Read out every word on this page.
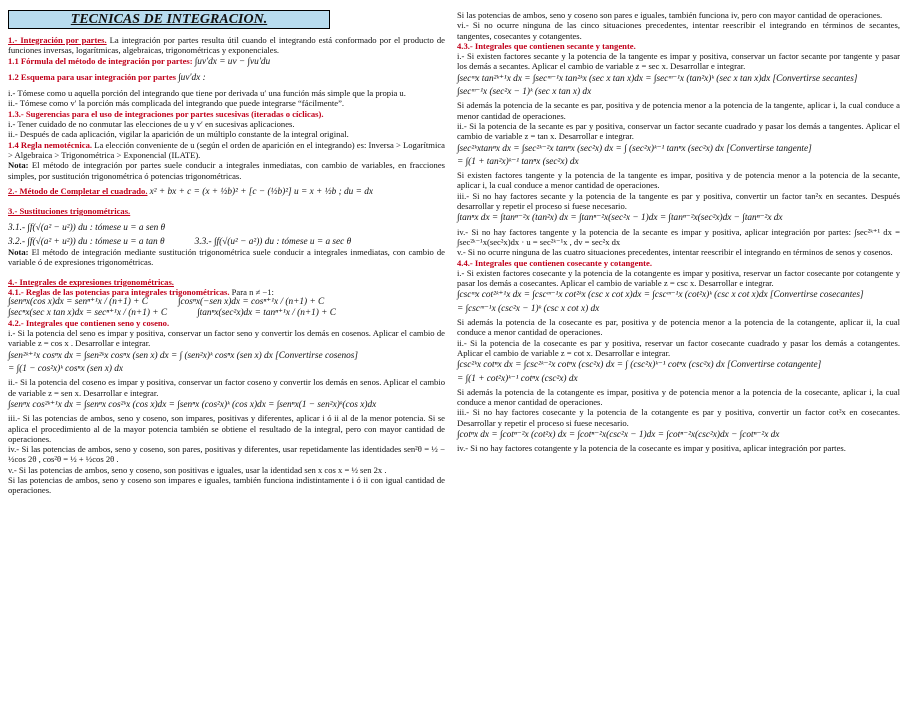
TECNICAS DE INTEGRACION.

1.- Integración por partes. La integración por partes resulta útil cuando el integrando está conformado por el producto de funciones inversas, logarítmicas, algebraicas, trigonométricas y exponenciales.

1.1 Fórmula del método de integración por partes: ∫uv′dx = uv − ∫vu′du

1.2 Esquema para usar integración por partes ∫uv′dx :

i.- Tómese como u aquella porción del integrando que tiene por derivada u′ una función más simple que la propia u.

ii.- Tómese como v′ la porción más complicada del integrando que puede integrarse “fácilmente”.

1.3.- Sugerencias para el uso de integraciones por partes sucesivas (iteradas o cíclicas).

i.- Tener cuidado de no conmutar las elecciones de u y v′ en sucesivas aplicaciones.

ii.- Después de cada aplicación, vigilar la aparición de un múltiplo constante de la integral original.

1.4 Regla nemotécnica. La elección conveniente de u (según el orden de aparición en el integrando) es: Inversa > Logarítmica > Algebraica > Trigonométrica > Exponencial (ILATE).

Nota: El método de integración por partes suele conducir a integrales inmediatas, con cambio de variables, en fracciones simples, por sustitución trigonométrica ó potencias trigonométricas.

2.- Método de Completar el cuadrado. x² + bx + c = (x + ½b)² + [c − (½b)²] u = x + ½b ; du = dx

3.- Sustituciones trigonométricas.

3.1.- ∫f(√(a² − u²)) du : tómese u = a sen θ
3.2.- ∫f(√(a² + u²)) du : tómese u = a tan θ	3.3.- ∫f(√(u² − a²)) du : tómese u = a sec θ

Nota: El método de integración mediante sustitución trigonométrica suele conducir a integrales inmediatas, con cambio de variable ó de expresiones trigonométricas.

4.- Integrales de expresiones trigonométricas.

4.1.- Reglas de las potencias para integrales trigonométricas. Para n ≠ −1:

∫senⁿx(cos x)dx = senⁿ⁺¹x / (n+1) + C	∫cosⁿx(−sen x)dx = cosⁿ⁺¹x / (n+1) + C
∫secⁿx(sec x tan x)dx = secⁿ⁺¹x / (n+1) + C	∫tanⁿx(sec²x)dx = tanⁿ⁺¹x / (n+1) + C

4.2.- Integrales que contienen seno y coseno.

i.- Si la potencia del seno es impar y positiva, conservar un factor seno y convertir los demás en cosenos. Aplicar el cambio de variable z = cos x . Desarrollar e integrar.

∫sen²ᵏ⁺¹x cosⁿx dx = ∫sen²ᵏx cosⁿx (sen x) dx = ∫ (sen²x)ᵏ cosⁿx (sen x) dx [Convertirse cosenos]
= ∫(1 − cos²x)ᵏ cosⁿx (sen x) dx

ii.- Si la potencia del coseno es impar y positiva, conservar un factor coseno y convertir los demás en senos. Aplicar el cambio de variable z = sen x. Desarrollar e integrar.

∫senⁿx cos²ᵏ⁺¹x dx = ∫senⁿx cos²ᵏx (cos x)dx = ∫senⁿx (cos²x)ᵏ (cos x)dx = ∫senⁿx(1 − sen²x)ᵏ(cos x)dx

iii.- Si las potencias de ambos, seno y coseno, son impares, positivas y diferentes, aplicar i ó ii al de la menor potencia. Si se aplica el procedimiento al de la mayor potencia también se obtiene el resultado de la integral, pero con mayor cantidad de operaciones.

iv.- Si las potencias de ambos, seno y coseno, son pares, positivas y diferentes, usar repetidamente las identidades sen²θ = ½ − ½cos 2θ , cos²θ = ½ + ½cos 2θ .

v.- Si las potencias de ambos, seno y coseno, son positivas e iguales, usar la identidad sen x cos x = ½ sen 2x .

Si las potencias de ambos, seno y coseno son impares e iguales, también funciona indistintamente i ó ii con igual cantidad de operaciones.

Si las potencias de ambos, seno y coseno son pares e iguales, también funciona iv, pero con mayor cantidad de operaciones.

vi.- Si no ocurre ninguna de las cinco situaciones precedentes, intentar reescribir el integrando en términos de secantes, tangentes, cosecantes y cotangentes.

4.3.- Integrales que contienen secante y tangente.

i.- Si existen factores secante y la potencia de la tangente es impar y positiva, conservar un factor secante por tangente y pasar los demás a secantes. Aplicar el cambio de variable z = sec x. Desarrollar e integrar.

∫secᵐx tan²ᵏ⁺¹x dx = ∫secᵐ⁻¹x tan²ᵏx (sec x tan x)dx = ∫secᵐ⁻¹x (tan²x)ᵏ (sec x tan x)dx [Convertirse secantes]
∫secᵐ⁻¹x (sec²x − 1)ᵏ (sec x tan x) dx

Si además la potencia de la secante es par, positiva y de potencia menor a la potencia de la tangente, aplicar i, la cual conduce a menor cantidad de operaciones.

ii.- Si la potencia de la secante es par y positiva, conservar un factor secante cuadrado y pasar los demás a tangentes. Aplicar el cambio de variable z = tan x. Desarrollar e integrar.

∫sec²ᵏxtanⁿx dx = ∫sec²ᵏ⁻²x tanⁿx (sec²x) dx = ∫ (sec²x)ᵏ⁻¹ tanⁿx (sec²x) dx [Convertirse tangente]
= ∫(1 + tan²x)ᵏ⁻¹ tanⁿx (sec²x) dx

Si existen factores tangente y la potencia de la tangente es impar, positiva y de potencia menor a la potencia de la secante, aplicar i, la cual conduce a menor cantidad de operaciones.

iii.- Si no hay factores secante y la potencia de la tangente es par y positiva, convertir un factor tan²x en secantes. Después desarrollar y repetir el proceso si fuese necesario.

∫tanⁿx dx = ∫tanⁿ⁻²x (tan²x) dx = ∫tanⁿ⁻²x(sec²x − 1)dx = ∫tanⁿ⁻²x(sec²x)dx − ∫tanⁿ⁻²x dx

iv.- Si no hay factores tangente y la potencia de la secante es impar y positiva, aplicar integración por partes: ∫sec²ᵏ⁺¹ dx = ∫sec²ᵏ⁻¹x(sec²x)dx · u = sec²ᵏ⁻¹x , dv = sec²x dx

v.- Si no ocurre ninguna de las cuatro situaciones precedentes, intentar reescribir el integrando en términos de senos y cosenos.

4.4.- Integrales que contienen cosecante y cotangente.

i.- Si existen factores cosecante y la potencia de la cotangente es impar y positiva, reservar un factor cosecante por cotangente y pasar los demás a cosecantes. Aplicar el cambio de variable z = csc x. Desarrollar e integrar.

∫cscᵐx cot²ᵏ⁺¹x dx = ∫cscᵐ⁻¹x cot²ᵏx (csc x cot x)dx = ∫cscᵐ⁻¹x (cot²x)ᵏ (csc x cot x)dx [Convertirse cosecantes]
= ∫cscᵐ⁻¹x (csc²x − 1)ᵏ (csc x cot x) dx

Si además la potencia de la cosecante es par, positiva y de potencia menor a la potencia de la cotangente, aplicar ii, la cual conduce a menor cantidad de operaciones.

ii.- Si la potencia de la cosecante es par y positiva, reservar un factor cosecante cuadrado y pasar los demás a cotangentes. Aplicar el cambio de variable z = cot x. Desarrollar e integrar.

∫csc²ᵏx cotⁿx dx = ∫csc²ᵏ⁻²x cotⁿx (csc²x) dx = ∫ (csc²x)ᵏ⁻¹ cotⁿx (csc²x) dx [Convertirse cotangente]
= ∫(1 + cot²x)ᵏ⁻¹ cotⁿx (csc²x) dx

Si además la potencia de la cotangente es impar, positiva y de potencia menor a la potencia de la cosecante, aplicar i, la cual conduce a menor cantidad de operaciones.

iii.- Si no hay factores cosecante y la potencia de la cotangente es par y positiva, convertir un factor cot²x en cosecantes. Desarrollar y repetir el proceso si fuese necesario.

∫cotⁿx dx = ∫cotⁿ⁻²x (cot²x) dx = ∫cotⁿ⁻²x(csc²x − 1)dx = ∫cotⁿ⁻²x(csc²x)dx − ∫cotⁿ⁻²x dx

iv.- Si no hay factores cotangente y la potencia de la cosecante es impar y positiva, aplicar integración por partes.
